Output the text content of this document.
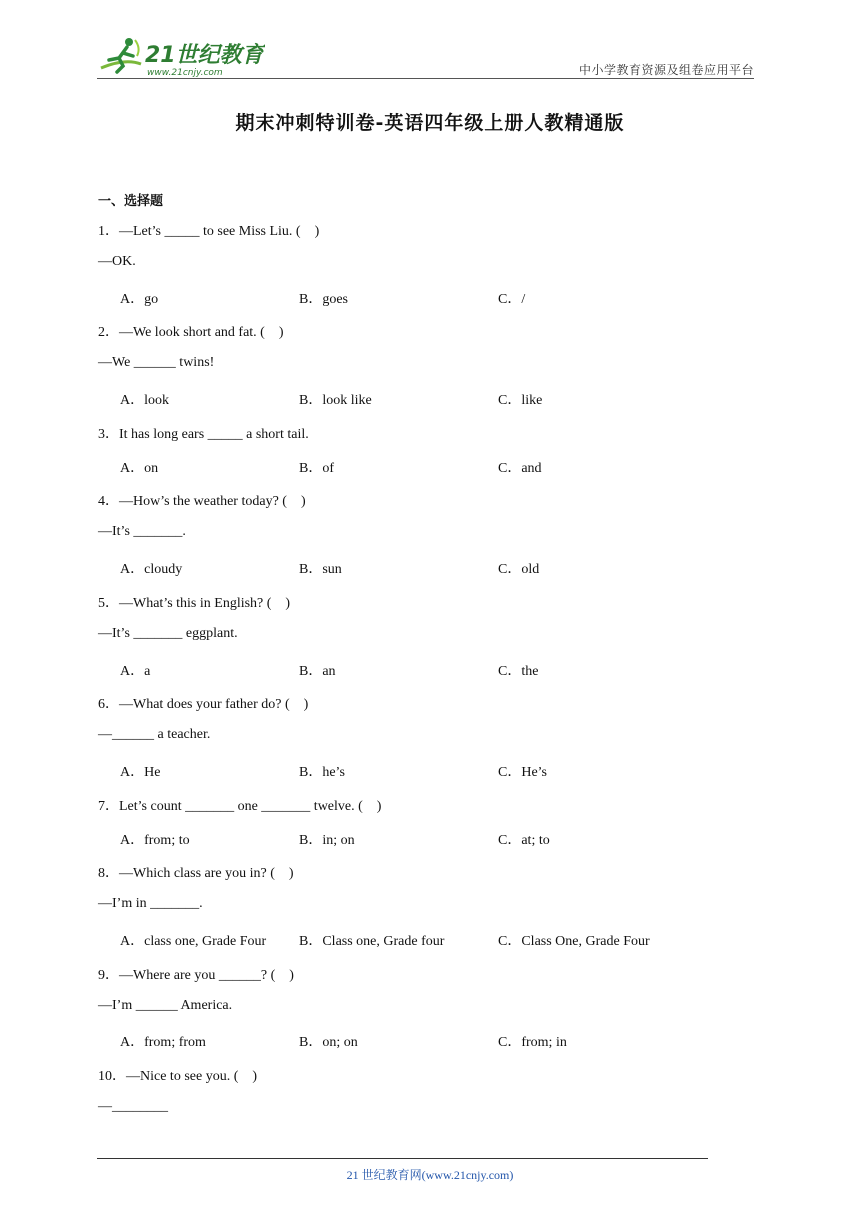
21世纪教育
www.21cnjy.com	中小学教育资源及组卷应用平台
期末冲刺特训卷-英语四年级上册人教精通版
一、选择题
1．—Let’s _____ to see Miss Liu. (　)
—OK.
A．go	B．goes	C．/
2．—We look short and fat. (　)
—We ______ twins!
A．look	B．look like	C．like
3．It has long ears _____ a short tail.
A．on	B．of	C．and
4．—How’s the weather today? (　)
—It’s _______.
A．cloudy	B．sun	C．old
5．—What’s this in English? (　)
—It’s _______ eggplant.
A．a	B．an	C．the
6．—What does your father do? (　)
—______ a teacher.
A．He	B．he’s	C．He’s
7．Let’s count _______ one _______ twelve. (　)
A．from; to	B．in; on	C．at; to
8．—Which class are you in? (　)
—I’m in _______.
A．class one, Grade Four B．Class one, Grade four	C．Class One, Grade Four
9．—Where are you ______? (　)
—I’m ______ America.
A．from; from	B．on; on	C．from; in
10．—Nice to see you. (　)
—________
21 世纪教育网(www.21cnjy.com)
